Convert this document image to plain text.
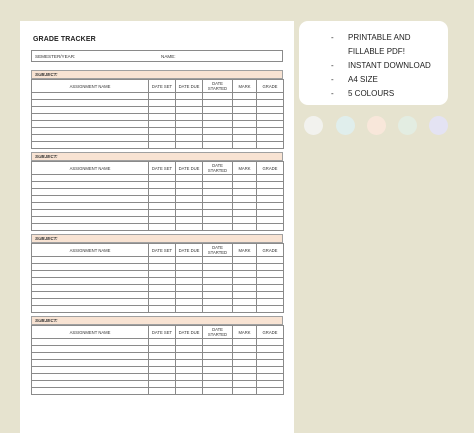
GRADE TRACKER
SEMESTER/YEAR:	NAME:
SUBJECT:
ASSIGNMENT NAME	DATE SET	DATE DUE	DATE STARTED	MARK	GRADE

SUBJECT:
ASSIGNMENT NAME	DATE SET	DATE DUE	DATE STARTED	MARK	GRADE

SUBJECT:
ASSIGNMENT NAME	DATE SET	DATE DUE	DATE STARTED	MARK	GRADE

SUBJECT:
ASSIGNMENT NAME	DATE SET	DATE DUE	DATE STARTED	MARK	GRADE

- PRINTABLE AND
FILLABLE PDF!
- INSTANT DOWNLOAD
- A4 SIZE
- 5 COLOURS
